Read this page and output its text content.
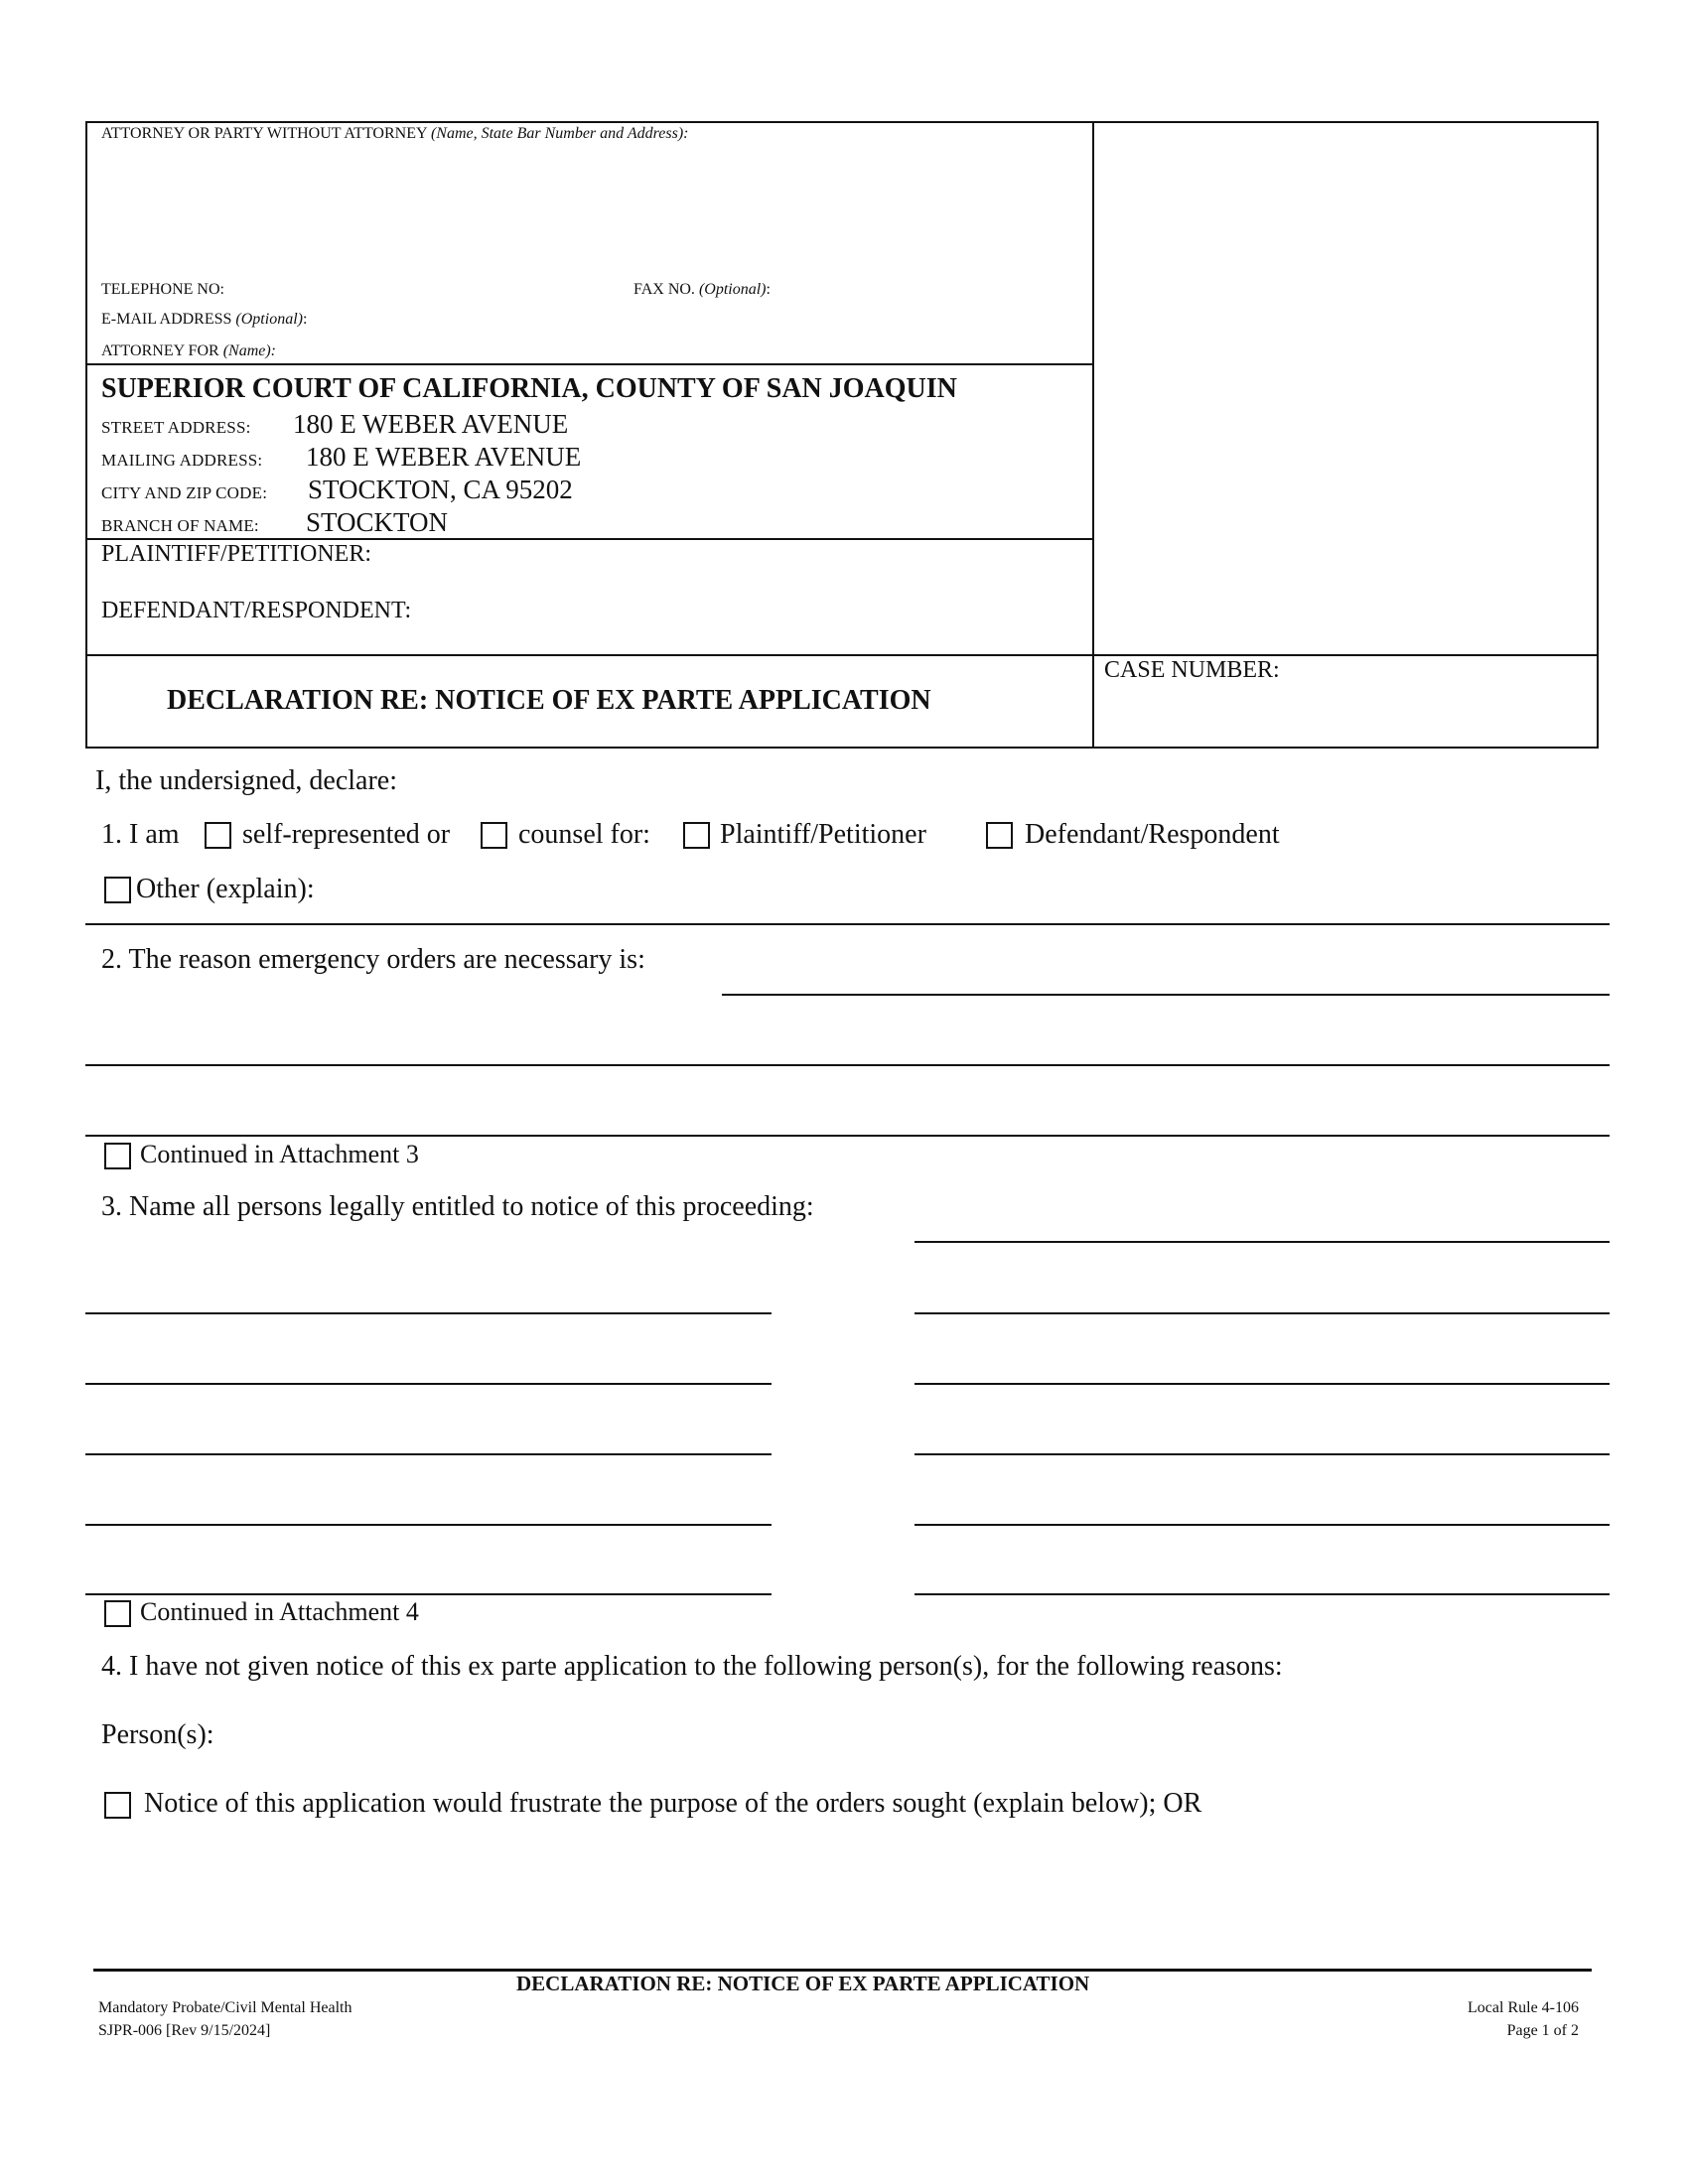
ATTORNEY OR PARTY WITHOUT ATTORNEY (Name, State Bar Number and Address):
TELEPHONE NO:	FAX NO. (Optional):
E-MAIL ADDRESS (Optional):
ATTORNEY FOR (Name):
SUPERIOR COURT OF CALIFORNIA, COUNTY OF SAN JOAQUIN
STREET ADDRESS: 180 E WEBER AVENUE
MAILING ADDRESS: 180 E WEBER AVENUE
CITY AND ZIP CODE: STOCKTON, CA 95202
BRANCH OF NAME: STOCKTON
PLAINTIFF/PETITIONER:
DEFENDANT/RESPONDENT:
DECLARATION RE: NOTICE OF EX PARTE APPLICATION
CASE NUMBER:
I, the undersigned, declare:
1. I am self-represented or counsel for:	Plaintiff/Petitioner	Defendant/Respondent
Other (explain):
2. The reason emergency orders are necessary is:
Continued in Attachment 3
3. Name all persons legally entitled to notice of this proceeding:
Continued in Attachment 4
4. I have not given notice of this ex parte application to the following person(s), for the following reasons:
Person(s):
Notice of this application would frustrate the purpose of the orders sought (explain below); OR
DECLARATION RE: NOTICE OF EX PARTE APPLICATION
Mandatory Probate/Civil Mental Health
SJPR-006 [Rev 9/15/2024]
Local Rule 4-106
Page 1 of 2
